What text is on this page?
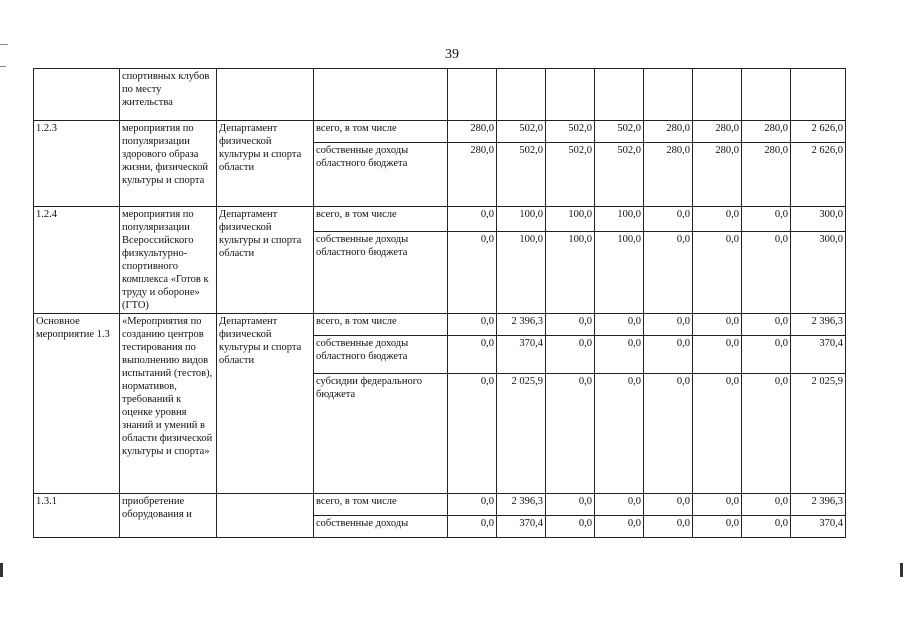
39
	спортивных клубов по месту жительства										
1.2.3	мероприятия по популяризации здорового образа жизни, физической культуры и спорта	Департамент физической культуры и спорта области	всего, в том числе	280,0	502,0	502,0	502,0	280,0	280,0	280,0	2 626,0
			собственные доходы областного бюджета	280,0	502,0	502,0	502,0	280,0	280,0	280,0	2 626,0
1.2.4	мероприятия по популяризации Всероссийского физкультурно-спортивного комплекса «Готов к труду и обороне» (ГТО)	Департамент физической культуры и спорта области	всего, в том числе	0,0	100,0	100,0	100,0	0,0	0,0	0,0	300,0
			собственные доходы областного бюджета	0,0	100,0	100,0	100,0	0,0	0,0	0,0	300,0
Основное мероприятие 1.3	«Мероприятия по созданию центров тестирования по выполнению видов испытаний (тестов), нормативов, требований к оценке уровня знаний и умений в области физической культуры и спорта»	Департамент физической культуры и спорта области	всего, в том числе	0,0	2 396,3	0,0	0,0	0,0	0,0	0,0	2 396,3
			собственные доходы областного бюджета	0,0	370,4	0,0	0,0	0,0	0,0	0,0	370,4
			субсидии федерального бюджета	0,0	2 025,9	0,0	0,0	0,0	0,0	0,0	2 025,9
1.3.1	приобретение оборудования и		всего, в том числе	0,0	2 396,3	0,0	0,0	0,0	0,0	0,0	2 396,3
			собственные доходы	0,0	370,4	0,0	0,0	0,0	0,0	0,0	370,4
